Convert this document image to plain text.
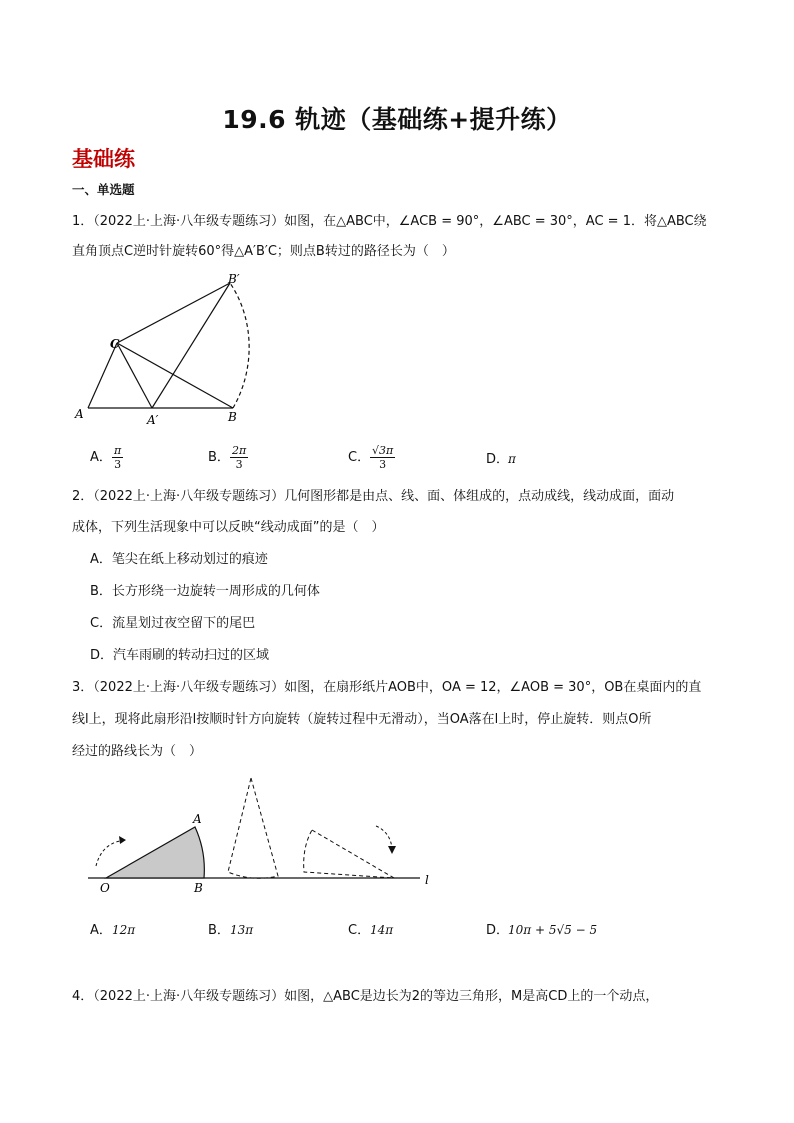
19.6 轨迹（基础练+提升练）
基础练
一、单选题
1．（2022上·上海·八年级专题练习）如图，在△ABC中，∠ACB = 90°，∠ABC = 30°，AC = 1．将△ABC绕
直角顶点C逆时针旋转60°得△A′B′C；则点B转过的路径长为（　）
A	A′	B
B′
C
A． $\frac{\pi}{3}$	B． $\frac{2\pi}{3}$	C． $\frac{√3\pi}{3}$	D．π
2．（2022上·上海·八年级专题练习）几何图形都是由点、线、面、体组成的，点动成线，线动成面，面动
成体，下列生活现象中可以反映“线动成面”的是（　）
A．笔尖在纸上移动划过的痕迹
B．长方形绕一边旋转一周形成的几何体
C．流星划过夜空留下的尾巴
D．汽车雨刷的转动扫过的区域
3．（2022上·上海·八年级专题练习）如图，在扇形纸片AOB中，OA = 12，∠AOB = 30°，OB在桌面内的直
线l上，现将此扇形沿l按顺时针方向旋转（旋转过程中无滑动），当OA落在l上时，停止旋转．则点O所
经过的路线长为（　）
O
A
B
l
A．12π	B．13π	C．14π	D．10π + 5√5 − 5
4．（2022上·上海·八年级专题练习）如图，△ABC是边长为2的等边三角形，M是高CD上的一个动点，
